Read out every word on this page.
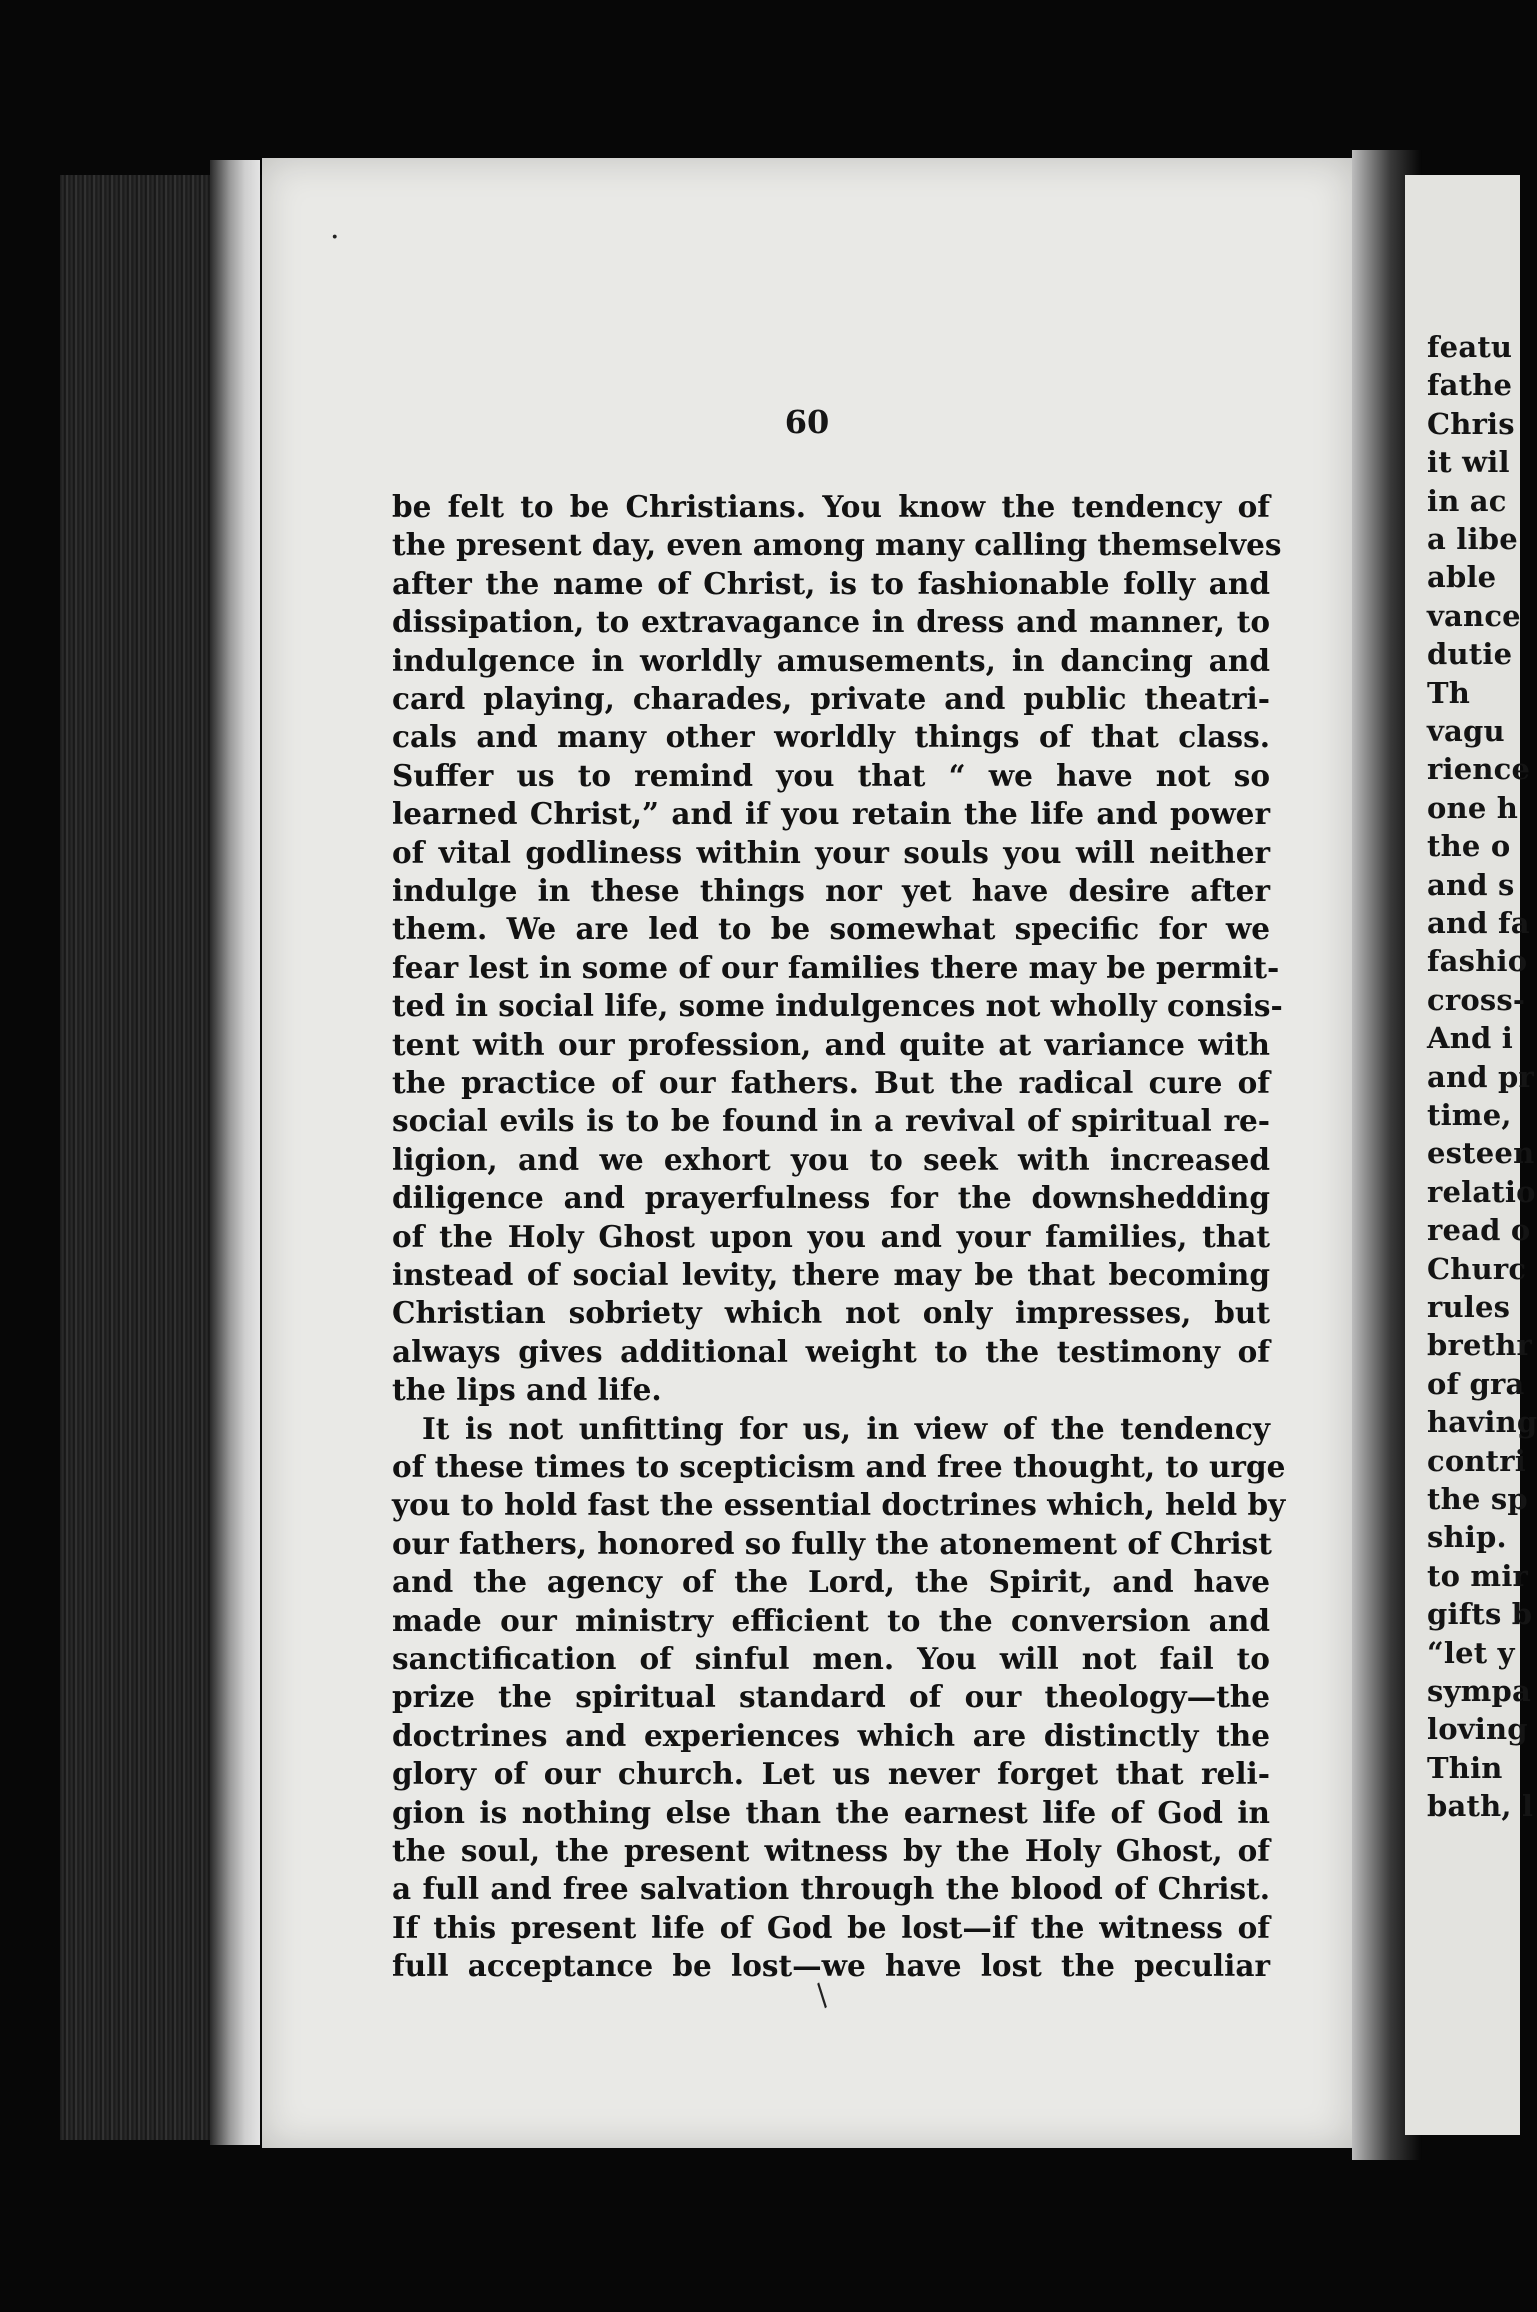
60
be felt to be Christians. You know the tendency of
the present day, even among many calling themselves
after the name of Christ, is to fashionable folly and
dissipation, to extravagance in dress and manner, to
indulgence in worldly amusements, in dancing and
card playing, charades, private and public theatri-
cals and many other worldly things of that class.
Suffer us to remind you that “ we have not so
learned Christ,” and if you retain the life and power
of vital godliness within your souls you will neither
indulge in these things nor yet have desire after
them. We are led to be somewhat specific for we
fear lest in some of our families there may be permit-
ted in social life, some indulgences not wholly consis-
tent with our profession, and quite at variance with
the practice of our fathers. But the radical cure of
social evils is to be found in a revival of spiritual re-
ligion, and we exhort you to seek with increased
diligence and prayerfulness for the downshedding
of the Holy Ghost upon you and your families, that
instead of social levity, there may be that becoming
Christian sobriety which not only impresses, but
always gives additional weight to the testimony of
the lips and life.
It is not unfitting for us, in view of the tendency
of these times to scepticism and free thought, to urge
you to hold fast the essential doctrines which, held by
our fathers, honored so fully the atonement of Christ
and the agency of the Lord, the Spirit, and have
made our ministry efficient to the conversion and
sanctification of sinful men. You will not fail to
prize the spiritual standard of our theology—the
doctrines and experiences which are distinctly the
glory of our church. Let us never forget that reli-
gion is nothing else than the earnest life of God in
the soul, the present witness by the Holy Ghost, of
a full and free salvation through the blood of Christ.
If this present life of God be lost—if the witness of
full acceptance be lost—we have lost the peculiar
·
/
featu
fathe
Chris
it wil
in ac
a libe
able
vance
dutie
Th
vagu
rience
one h
the o
and s
and fa
fashio
cross-
And i
and pr
time,
esteen
relatio
read o
Churc
rules
brethr
of gra
having
contri
the sp
ship.
to mir
gifts b
“let y
sympa
loving
Thin
bath, l
